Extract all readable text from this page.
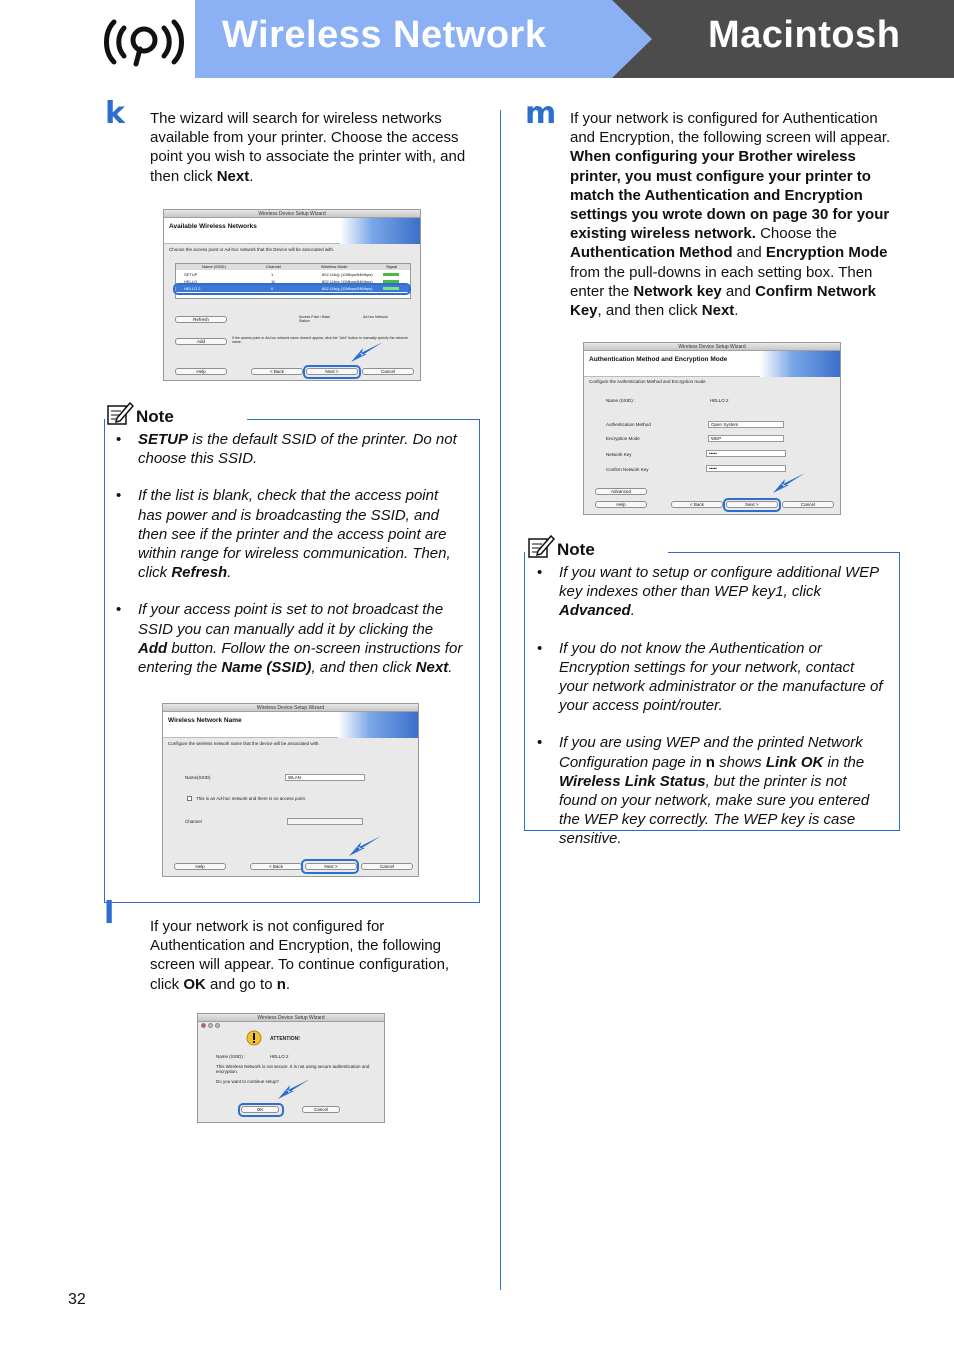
Wireless Network	Macintosh
k The wizard will search for wireless networks available from your printer. Choose the access point you wish to associate the printer with, and then click Next.
Wireless Device Setup Wizard
Available Wireless Networks
Choose the access point or Ad-hoc network that the Device will be associated with.
Name (SSID)	Channel	Wireless Mode	Signal
SETUP	1	802.11b/g (11Mbps/54Mbps)
HELLO	11	802.11b/g (11Mbps/54Mbps)
HELLO 2	6	802.11b/g (11Mbps/54Mbps)
Refresh	Access Point / Base Station
Ad-hoc Network
Add
If the access point or Ad-hoc network name doesn't appear, click the "Add" button to manually specify the network name.
Help	< Back	Next >	Cancel
Note
• SETUP is the default SSID of the printer. Do not choose this SSID.
• If the list is blank, check that the access point has power and is broadcasting the SSID, and then see if the printer and the access point are within range for wireless communication. Then, click Refresh.
• If your access point is set to not broadcast the SSID you can manually add it by clicking the Add button. Follow the on-screen instructions for entering the Name (SSID), and then click Next.
Wireless Device Setup Wizard
Wireless Network Name
Configure the wireless network name that the device will be associated with.
Name(SSID)	WLAN
This is an Ad-hoc network and there is no access point.
Channel
Help	< Back	Next >	Cancel
l If your network is not configured for Authentication and Encryption, the following screen will appear. To continue configuration, click OK and go to n.
Wireless Device Setup Wizard
ATTENTION!
Name (SSID) :	HELLO 2
This Wireless Network is not secure. It is not using secure authentication and encryption.
Do you want to continue setup?
OK	Cancel
m If your network is configured for Authentication and Encryption, the following screen will appear. When configuring your Brother wireless printer, you must configure your printer to match the Authentication and Encryption settings you wrote down on page 30 for your existing wireless network. Choose the Authentication Method and Encryption Mode from the pull-downs in each setting box. Then enter the Network key and Confirm Network Key, and then click Next.
Wireless Device Setup Wizard
Authentication Method and Encryption Mode
Configure the Authentication Method and Encryption mode
Name (SSID) :	HELLO 2
Authentication Method	Open System
Encryption Mode	WEP
Network Key	•••••
Confirm Network Key	•••••
Advanced
Help	< Back	Next >	Cancel
Note
• If you want to setup or configure additional WEP key indexes other than WEP key1, click Advanced.
• If you do not know the Authentication or Encryption settings for your network, contact your network administrator or the manufacture of your access point/router.
• If you are using WEP and the printed Network Configuration page in n shows Link OK in the Wireless Link Status, but the printer is not found on your network, make sure you entered the WEP key correctly. The WEP key is case sensitive.
32
